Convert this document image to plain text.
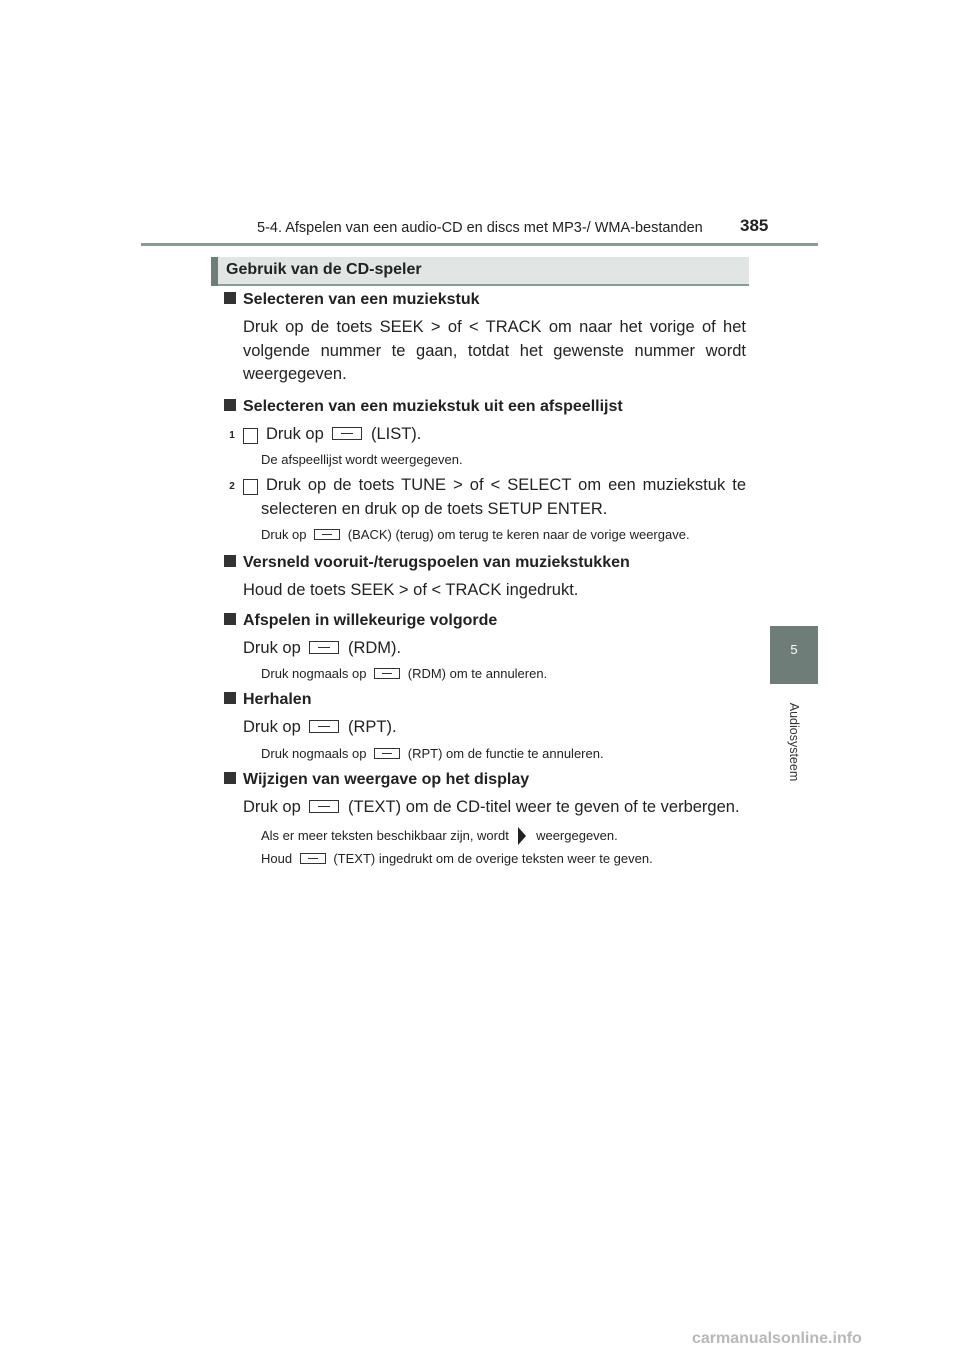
5-4. Afspelen van een audio-CD en discs met MP3-/ WMA-bestanden 385
5
Audiosysteem
Gebruik van de CD-speler

Selecteren van een muziekstuk

Druk op de toets SEEK > of < TRACK om naar het vorige of het volgende nummer te gaan, totdat het gewenste nummer wordt weergegeven.

Selecteren van een muziekstuk uit een afspeellijst

1 Druk op	(LIST).

De afspeellijst wordt weergegeven.

2 Druk op de toets TUNE > of < SELECT om een muziekstuk te selecteren en druk op de toets SETUP ENTER.

Druk op	(BACK) (terug) om terug te keren naar de vorige weergave.

Versneld vooruit-/terugspoelen van muziekstukken

Houd de toets SEEK > of < TRACK ingedrukt.

Afspelen in willekeurige volgorde

Druk op	(RDM).

Druk nogmaals op	(RDM) om te annuleren.

Herhalen

Druk op	(RPT).

Druk nogmaals op	(RPT) om de functie te annuleren.

Wijzigen van weergave op het display

Druk op	(TEXT) om de CD-titel weer te geven of te verbergen.

Als er meer teksten beschikbaar zijn, wordt weergegeven.

Houd	(TEXT) ingedrukt om de overige teksten weer te geven.

carmanualsonline.info
